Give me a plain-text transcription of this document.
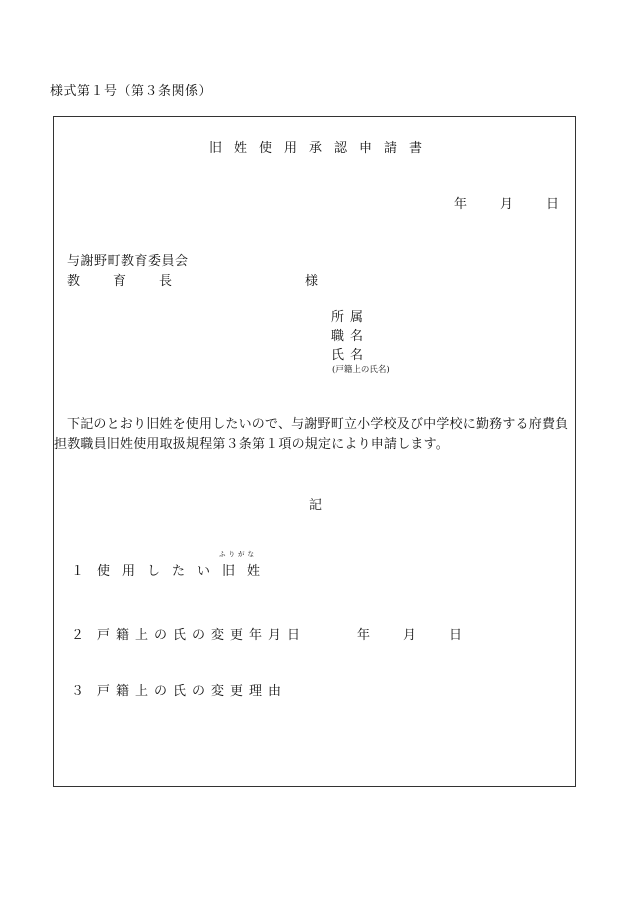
様式第１号（第３条関係）
旧姓使用承認申請書
年	月	日
与謝野町教育委員会
教	育	長	様
所 属
職 名
氏 名
(戸籍上の氏名)

下記のとおり旧姓を使用したいので、与謝野町立小学校及び中学校に勤務する府費負担教職員旧姓使用取扱規程第３条第１項の規定により申請します。

記
１ 使用したい
ふりがな
旧姓
２ 戸籍上の氏の変更年月日	年	月	日
３ 戸籍上の氏の変更理由
